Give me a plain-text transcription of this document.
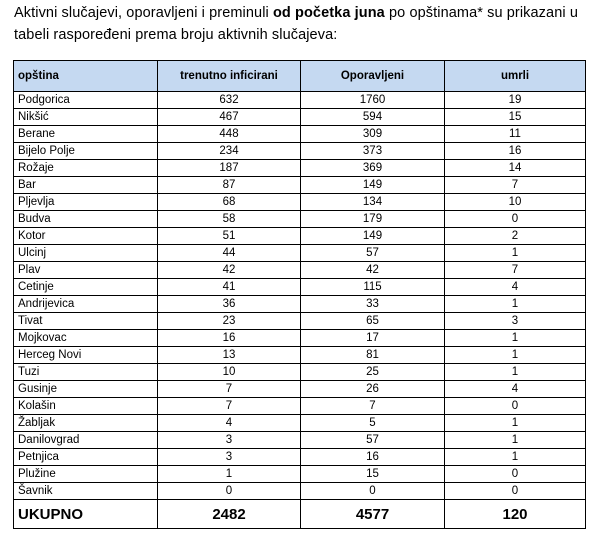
Aktivni slučajevi, oporavljeni i preminuli od početka juna po opštinama* su prikazani u tabeli raspoređeni prema broju aktivnih slučajeva:

opština	trenutno inficirani	Oporavljeni	umrli
Podgorica	632	1760	19
Nikšić	467	594	15
Berane	448	309	11
Bijelo Polje	234	373	16
Rožaje	187	369	14
Bar	87	149	7
Pljevlja	68	134	10
Budva	58	179	0
Kotor	51	149	2
Ulcinj	44	57	1
Plav	42	42	7
Cetinje	41	115	4
Andrijevica	36	33	1
Tivat	23	65	3
Mojkovac	16	17	1
Herceg Novi	13	81	1
Tuzi	10	25	1
Gusinje	7	26	4
Kolašin	7	7	0
Žabljak	4	5	1
Danilovgrad	3	57	1
Petnjica	3	16	1
Plužine	1	15	0
Šavnik	0	0	0
UKUPNO	2482	4577	120
